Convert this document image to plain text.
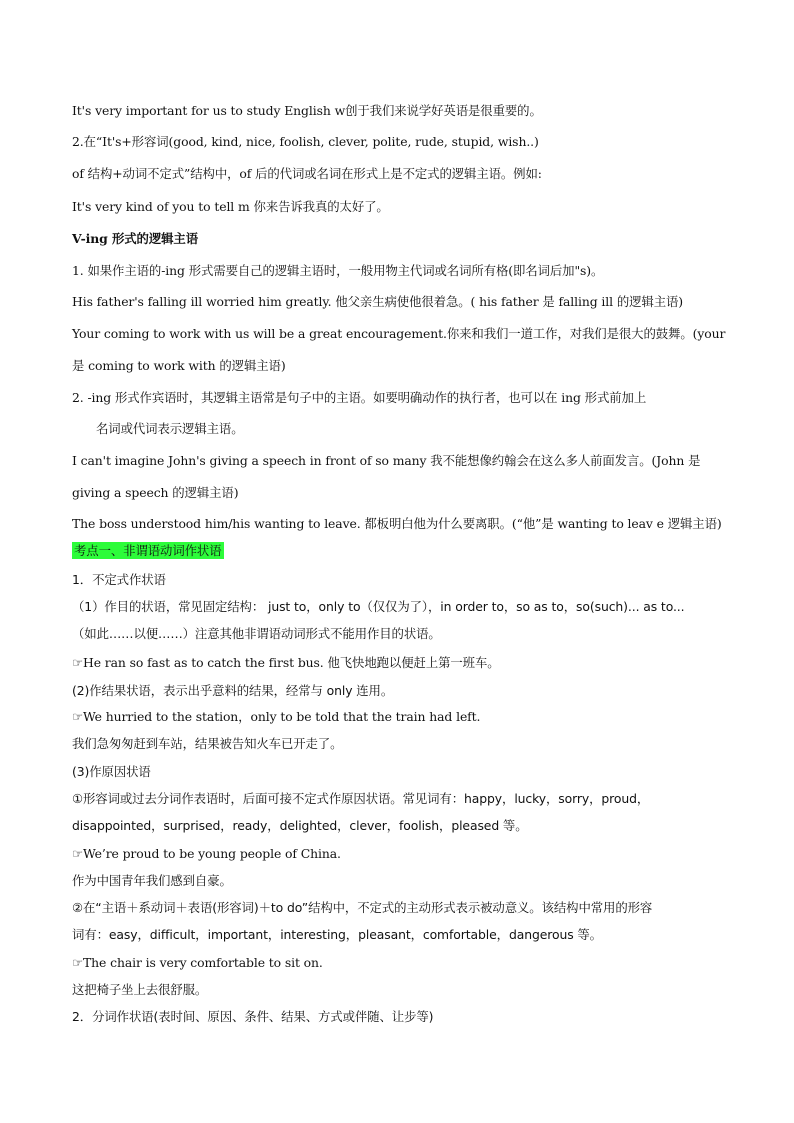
It's very important for us to study English w创于我们来说学好英语是很重要的。
2.在“It's+形容词(good, kind, nice, foolish, clever, polite, rude, stupid, wish..)
of 结构+动词不定式”结构中，of 后的代词或名词在形式上是不定式的逻辑主语。例如:
It's very kind of you to tell m 你来告诉我真的太好了。
V-ing 形式的逻辑主语
1. 如果作主语的-ing 形式需要自己的逻辑主语时，一般用物主代词或名词所有格(即名词后加"s)。
His father's falling ill worried him greatly. 他父亲生病使他很着急。( his father 是 falling ill 的逻辑主语)
Your coming to work with us will be a great encouragement.你来和我们一道工作，对我们是很大的鼓舞。(your
是 coming to work with 的逻辑主语)
2. -ing 形式作宾语时，其逻辑主语常是句子中的主语。如要明确动作的执行者，也可以在 ing 形式前加上
名词或代词表示逻辑主语。
I can't imagine John's giving a speech in front of so many 我不能想像约翰会在这么多人前面发言。(John 是
giving a speech 的逻辑主语)
The boss understood him/his wanting to leave. 都板明白他为什么要离职。(“他”是 wanting to leav e 逻辑主语)
考点一、非谓语动词作状语
1．不定式作状语
（1）作目的状语，常见固定结构： just to，only to（仅仅为了），in order to，so as to，so(such)... as to...
（如此……以便……）注意其他非谓语动词形式不能用作目的状语。
☞He ran so fast as to catch the first bus. 他飞快地跑以便赶上第一班车。
(2)作结果状语，表示出乎意料的结果，经常与 only 连用。
☞We hurried to the station，only to be told that the train had left.
我们急匆匆赶到车站，结果被告知火车已开走了。
(3)作原因状语
①形容词或过去分词作表语时，后面可接不定式作原因状语。常见词有：happy，lucky，sorry，proud，
disappointed，surprised，ready，delighted，clever，foolish，pleased 等。
☞We’re proud to be young people of China.
作为中国青年我们感到自豪。
②在“主语＋系动词＋表语(形容词)＋to do”结构中，不定式的主动形式表示被动意义。该结构中常用的形容
词有：easy，difficult，important，interesting，pleasant，comfortable，dangerous 等。
☞The chair is very comfortable to sit on.
这把椅子坐上去很舒服。
2．分词作状语(表时间、原因、条件、结果、方式或伴随、让步等)
